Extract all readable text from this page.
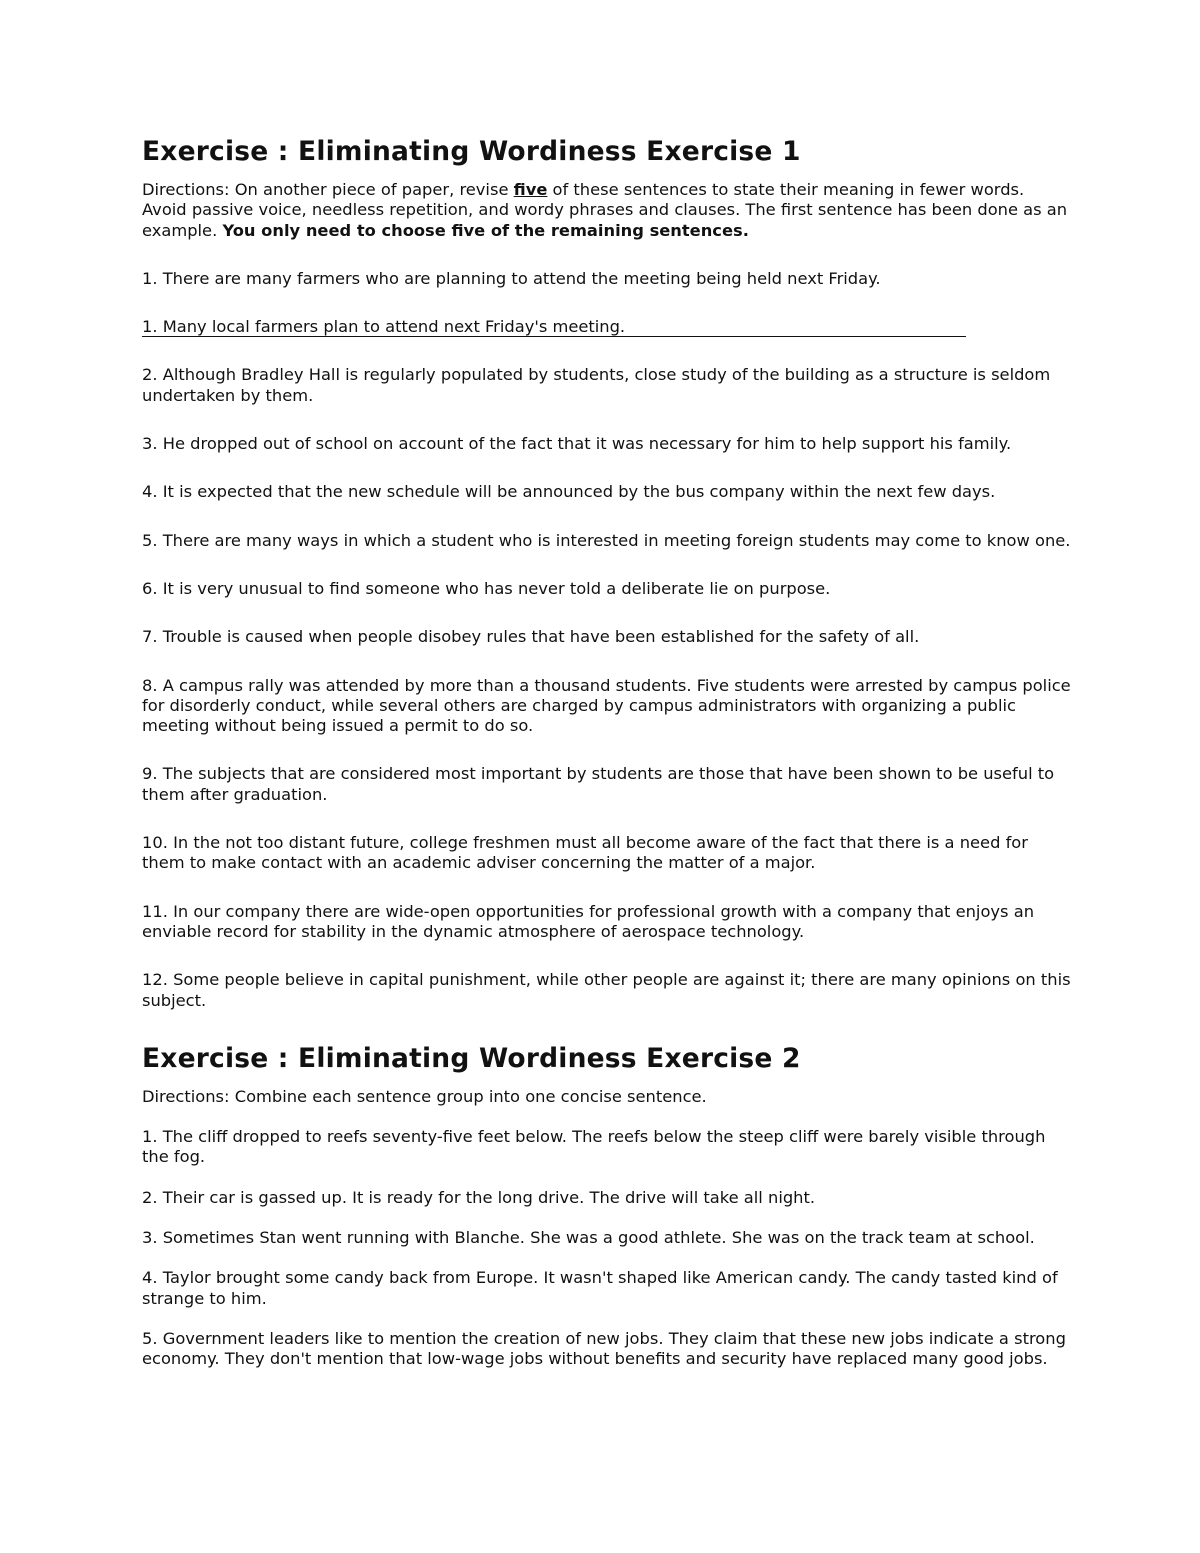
Exercise : Eliminating Wordiness Exercise 1

Directions: On another piece of paper, revise five of these sentences to state their meaning in fewer words. Avoid passive voice, needless repetition, and wordy phrases and clauses. The first sentence has been done as an example. You only need to choose five of the remaining sentences.

1. There are many farmers who are planning to attend the meeting being held next Friday.

1. Many local farmers plan to attend next Friday's meeting.

2. Although Bradley Hall is regularly populated by students, close study of the building as a structure is seldom undertaken by them.

3. He dropped out of school on account of the fact that it was necessary for him to help support his family.

4. It is expected that the new schedule will be announced by the bus company within the next few days.

5. There are many ways in which a student who is interested in meeting foreign students may come to know one.

6. It is very unusual to find someone who has never told a deliberate lie on purpose.

7. Trouble is caused when people disobey rules that have been established for the safety of all.

8. A campus rally was attended by more than a thousand students. Five students were arrested by campus police for disorderly conduct, while several others are charged by campus administrators with organizing a public meeting without being issued a permit to do so.

9. The subjects that are considered most important by students are those that have been shown to be useful to them after graduation.

10. In the not too distant future, college freshmen must all become aware of the fact that there is a need for them to make contact with an academic adviser concerning the matter of a major.

11. In our company there are wide-open opportunities for professional growth with a company that enjoys an enviable record for stability in the dynamic atmosphere of aerospace technology.

12. Some people believe in capital punishment, while other people are against it; there are many opinions on this subject.

Exercise : Eliminating Wordiness Exercise 2

Directions: Combine each sentence group into one concise sentence.

1. The cliff dropped to reefs seventy-five feet below. The reefs below the steep cliff were barely visible through the fog.

2. Their car is gassed up. It is ready for the long drive. The drive will take all night.

3. Sometimes Stan went running with Blanche. She was a good athlete. She was on the track team at school.

4. Taylor brought some candy back from Europe. It wasn't shaped like American candy. The candy tasted kind of strange to him.

5. Government leaders like to mention the creation of new jobs. They claim that these new jobs indicate a strong economy. They don't mention that low-wage jobs without benefits and security have replaced many good jobs.
